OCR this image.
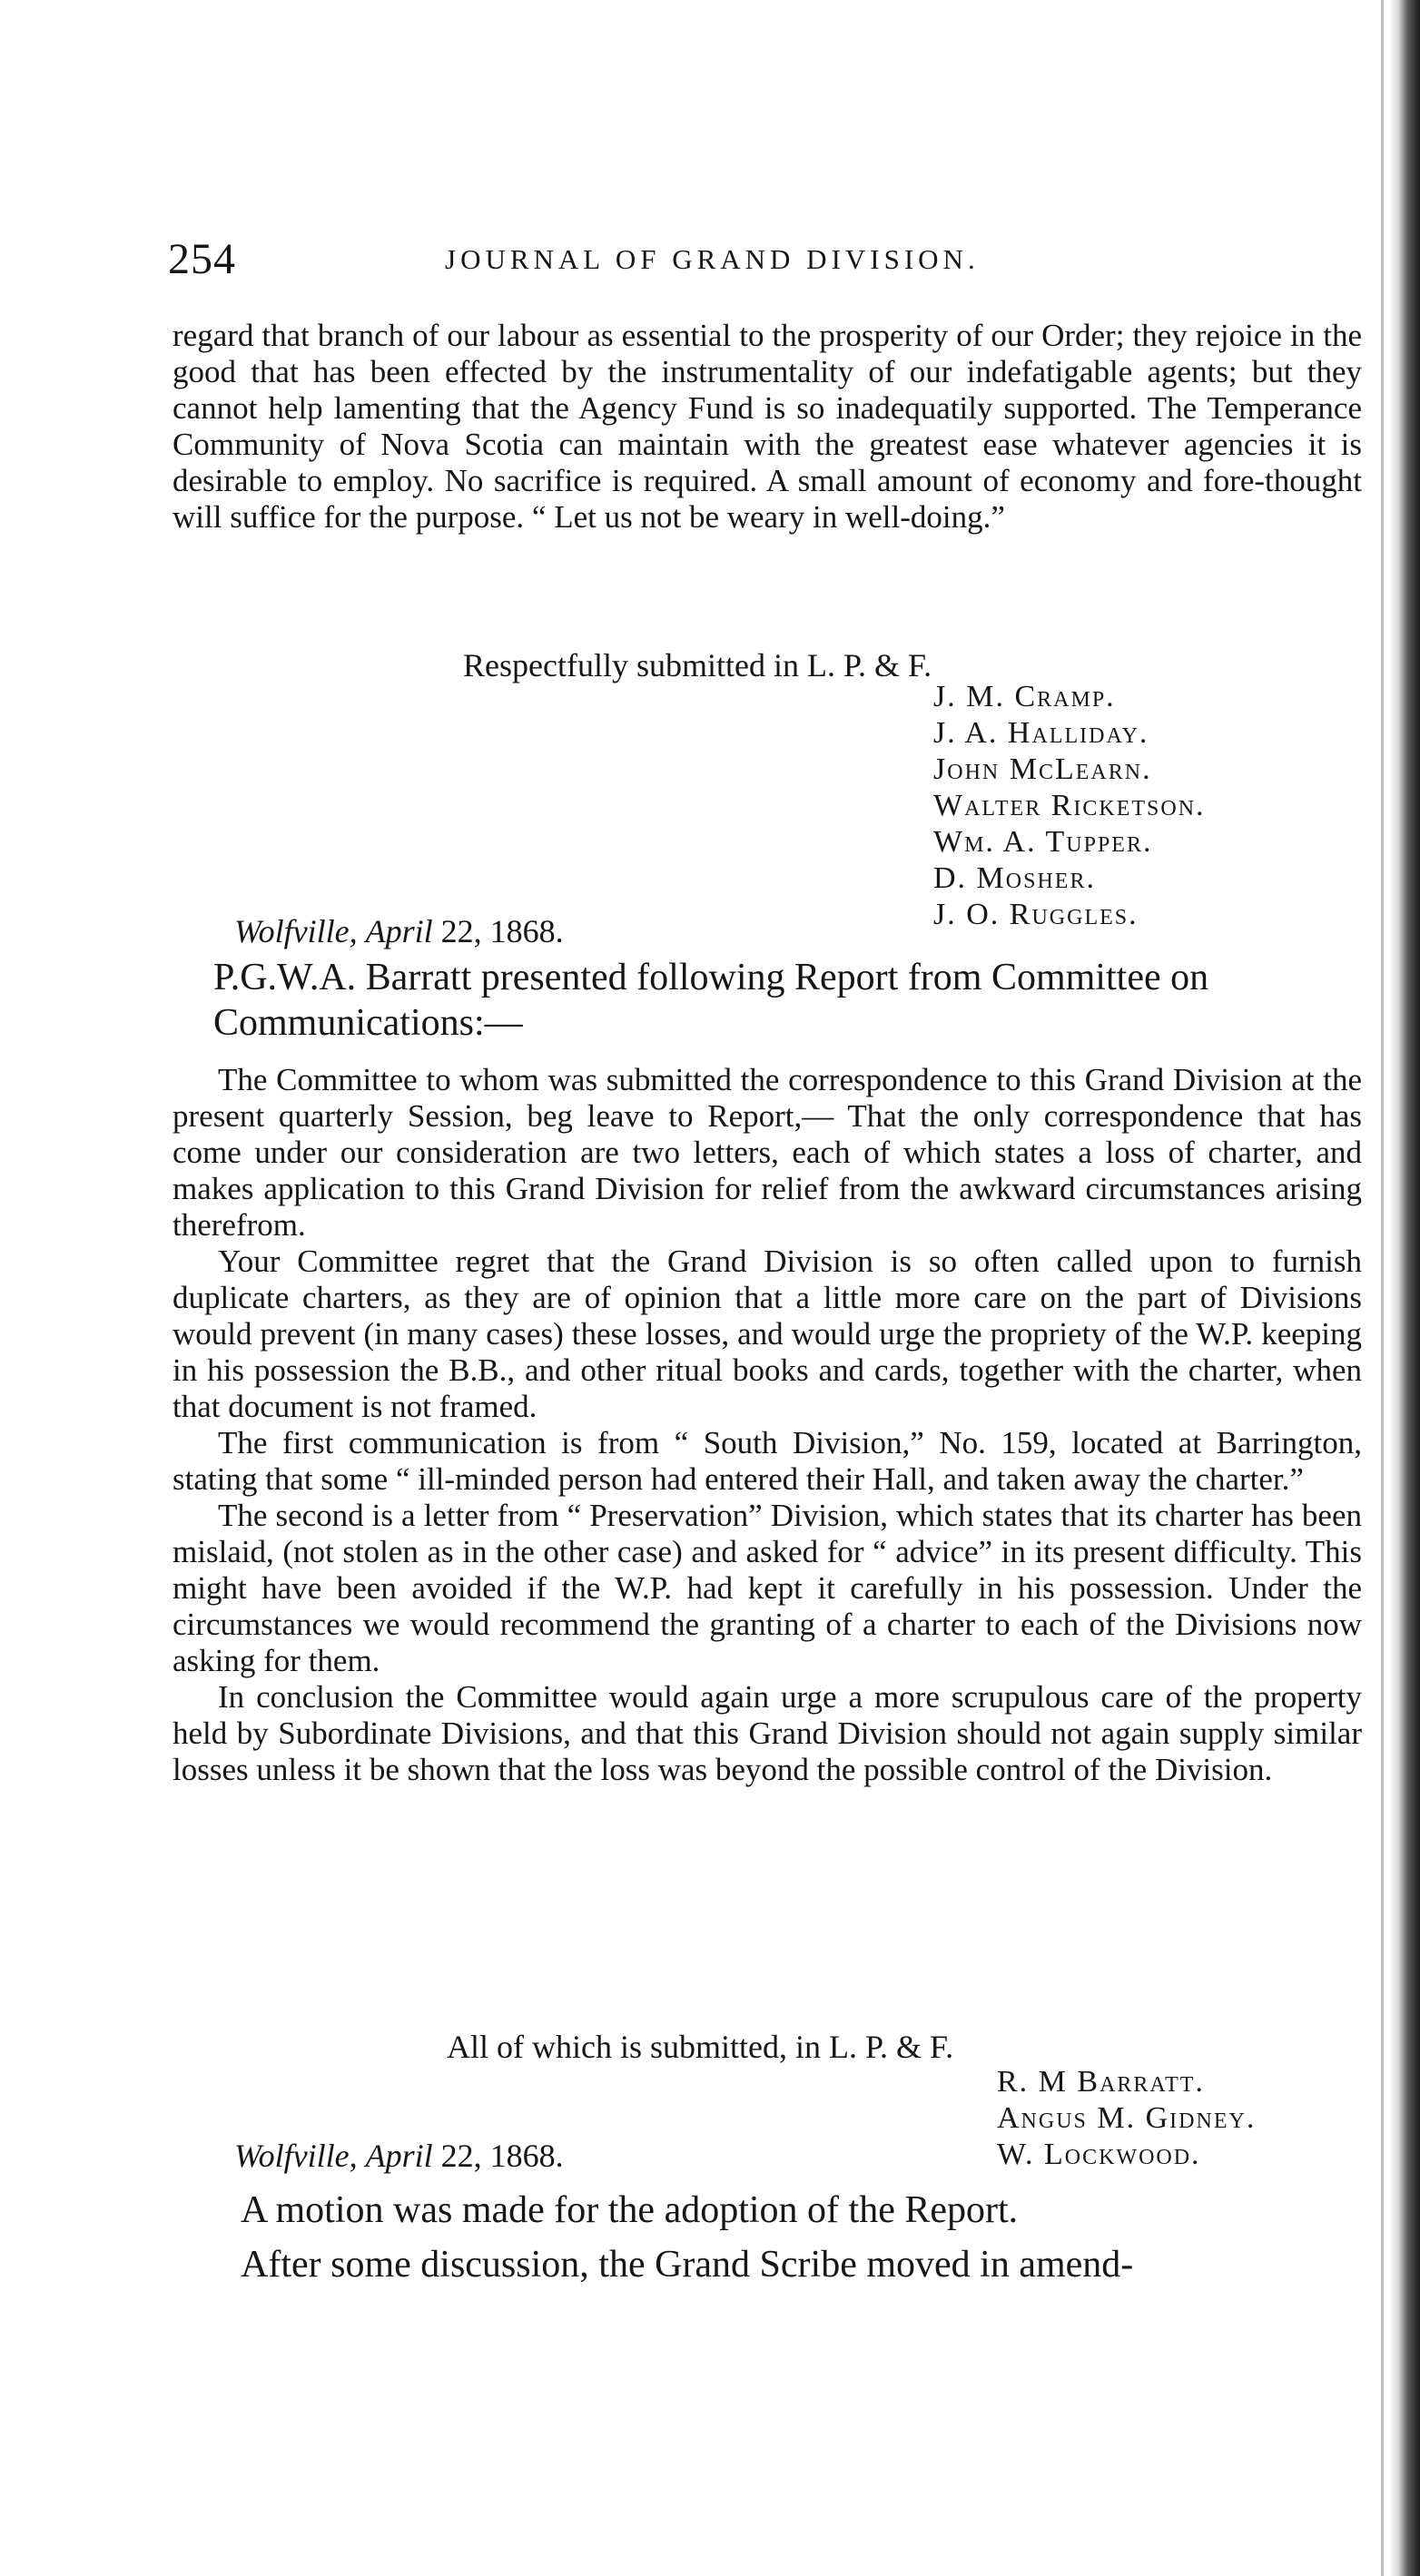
254	JOURNAL OF GRAND DIVISION.

regard that branch of our labour as essential to the prosperity of our Order; they rejoice in the good that has been effected by the instrumentality of our indefatigable agents; but they cannot help lamenting that the Agency Fund is so inadequatily supported. The Temperance Community of Nova Scotia can maintain with the greatest ease whatever agencies it is desirable to employ. No sacrifice is required. A small amount of economy and fore-thought will suffice for the purpose. “ Let us not be weary in well-doing.”

Respectfully submitted in L. P. & F.
J. M. Cramp.
J. A. Halliday.
John McLearn.
Walter Ricketson.
Wm. A. Tupper.
D. Mosher.
J. O. Ruggles.
Wolfville, April 22, 1868.
P.G.W.A. Barratt presented following Report from Committee on Communications:—

The Committee to whom was submitted the correspondence to this Grand Division at the present quarterly Session, beg leave to Report,— That the only correspondence that has come under our consideration are two letters, each of which states a loss of charter, and makes application to this Grand Division for relief from the awkward circumstances arising therefrom.

Your Committee regret that the Grand Division is so often called upon to furnish duplicate charters, as they are of opinion that a little more care on the part of Divisions would prevent (in many cases) these losses, and would urge the propriety of the W.P. keeping in his possession the B.B., and other ritual books and cards, together with the charter, when that document is not framed.

The first communication is from “ South Division,” No. 159, located at Barrington, stating that some “ ill-minded person had entered their Hall, and taken away the charter.”

The second is a letter from “ Preservation” Division, which states that its charter has been mislaid, (not stolen as in the other case) and asked for “ advice” in its present difficulty. This might have been avoided if the W.P. had kept it carefully in his possession. Under the circumstances we would recommend the granting of a charter to each of the Divisions now asking for them.

In conclusion the Committee would again urge a more scrupulous care of the property held by Subordinate Divisions, and that this Grand Division should not again supply similar losses unless it be shown that the loss was beyond the possible control of the Division.

All of which is submitted, in L. P. & F.
R. M Barratt.
Angus M. Gidney.
W. Lockwood.
Wolfville, April 22, 1868.
A motion was made for the adoption of the Report.
After some discussion, the Grand Scribe moved in amend-
